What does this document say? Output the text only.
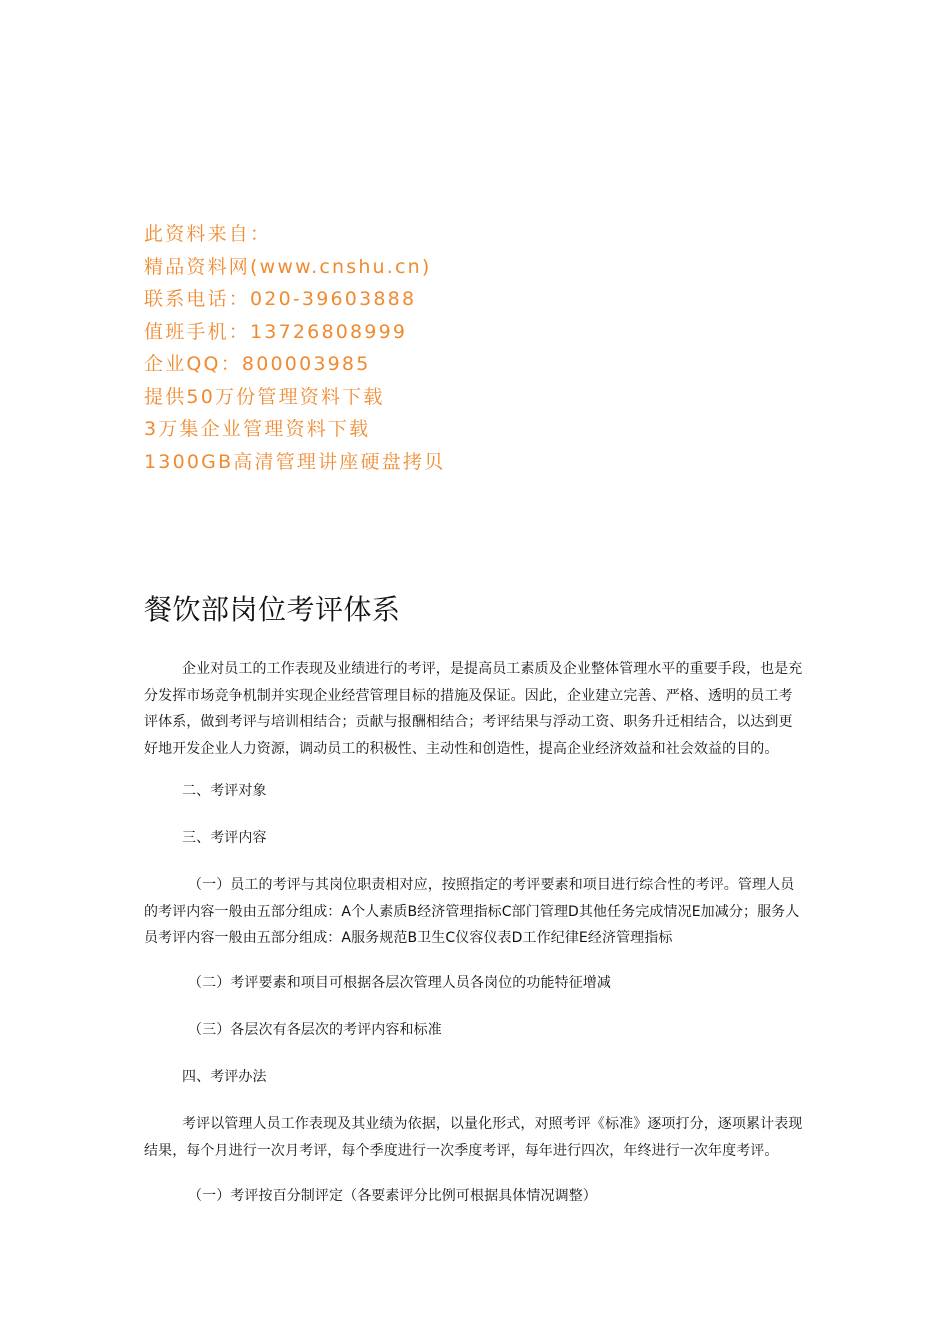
此资料来自：
精品资料网(www.cnshu.cn)
联系电话：020-39603888
值班手机：13726808999
企业QQ：800003985
提供50万份管理资料下载
3万集企业管理资料下载
1300GB高清管理讲座硬盘拷贝
餐饮部岗位考评体系

企业对员工的工作表现及业绩进行的考评，是提高员工素质及企业整体管理水平的重要手段，也是充分发挥市场竞争机制并实现企业经营管理目标的措施及保证。因此，企业建立完善、严格、透明的员工考评体系，做到考评与培训相结合；贡献与报酬相结合；考评结果与浮动工资、职务升迁相结合，以达到更好地开发企业人力资源，调动员工的积极性、主动性和创造性，提高企业经济效益和社会效益的目的。

二、考评对象

三、考评内容

（一）员工的考评与其岗位职责相对应，按照指定的考评要素和项目进行综合性的考评。管理人员的考评内容一般由五部分组成：A个人素质B经济管理指标C部门管理D其他任务完成情况E加减分；服务人员考评内容一般由五部分组成：A服务规范B卫生C仪容仪表D工作纪律E经济管理指标

（二）考评要素和项目可根据各层次管理人员各岗位的功能特征增减

（三）各层次有各层次的考评内容和标准

四、考评办法

考评以管理人员工作表现及其业绩为依据，以量化形式，对照考评《标准》逐项打分，逐项累计表现结果，每个月进行一次月考评，每个季度进行一次季度考评，每年进行四次，年终进行一次年度考评。

（一）考评按百分制评定（各要素评分比例可根据具体情况调整）
